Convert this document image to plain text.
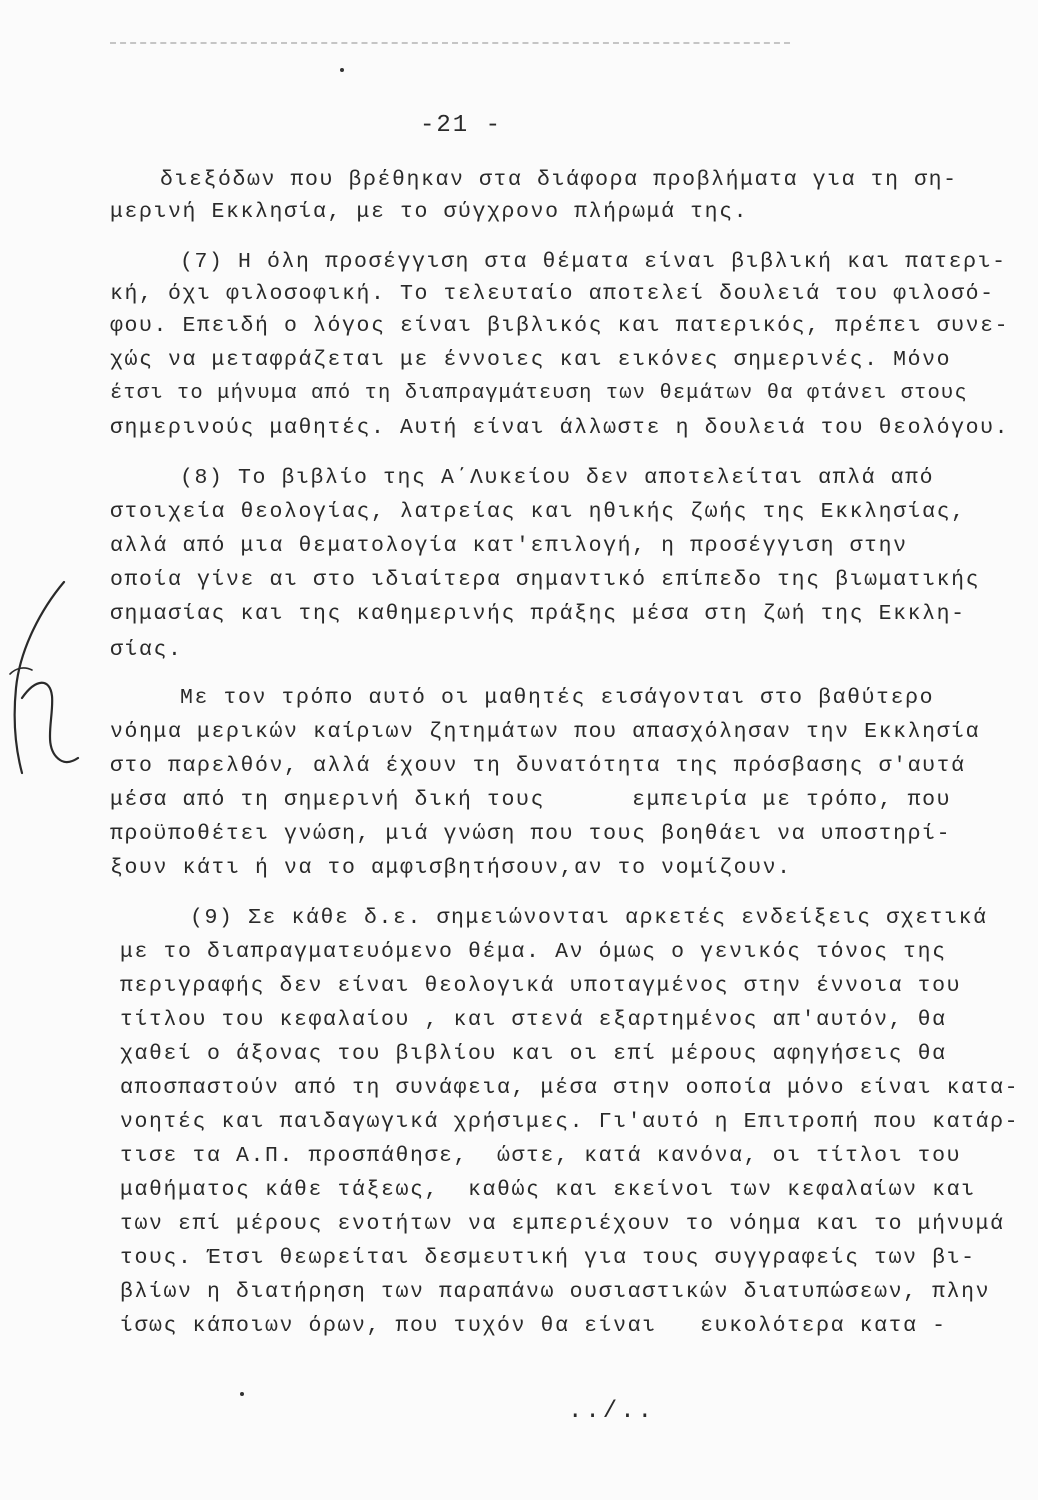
-21 -
διεξόδων που βρέθηκαν στα διάφορα προβλήματα για τη ση-
μερινή Εκκλησία, με το σύγχρονο πλήρωμά της.
(7) Η όλη προσέγγιση στα θέματα είναι βιβλική και πατερι-
κή, όχι φιλοσοφική. Το τελευταίο αποτελεί δουλειά του φιλοσό-
φου. Επειδή ο λόγος είναι βιβλικός και πατερικός, πρέπει συνε-
χώς να μεταφράζεται με έννοιες και εικόνες σημερινές. Μόνο
έτσι το μήνυμα από τη διαπραγμάτευση των θεμάτων θα φτάνει στους
σημερινούς μαθητές. Αυτή είναι άλλωστε η δουλειά του θεολόγου.
(8) Το βιβλίο της Α΄Λυκείου δεν αποτελείται απλά από
στοιχεία θεολογίας, λατρείας και ηθικής ζωής της Εκκλησίας,
αλλά από μια θεματολογία κατ'επιλογή, η προσέγγιση στην
οποία γίνε αι στο ιδιαίτερα σημαντικό επίπεδο της βιωματικής
σημασίας και της καθημερινής πράξης μέσα στη ζωή της Εκκλη-
σίας.
Με τον τρόπο αυτό οι μαθητές εισάγονται στο βαθύτερο
νόημα μερικών καίριων ζητημάτων που απασχόλησαν την Εκκλησία
στο παρελθόν, αλλά έχουν τη δυνατότητα της πρόσβασης σ'αυτά
μέσα από τη σημερινή δική τους      εμπειρία με τρόπο, που
προϋποθέτει γνώση, μιά γνώση που τους βοηθάει να υποστηρί-
ξουν κάτι ή να το αμφισβητήσουν,αν το νομίζουν.
(9) Σε κάθε δ.ε. σημειώνονται αρκετές ενδείξεις σχετικά
με το διαπραγματευόμενο θέμα. Αν όμως ο γενικός τόνος της
περιγραφής δεν είναι θεολογικά υποταγμένος στην έννοια του
τίτλου του κεφαλαίου , και στενά εξαρτημένος απ'αυτόν, θα
χαθεί ο άξονας του βιβλίου και οι επί μέρους αφηγήσεις θα
αποσπαστούν από τη συνάφεια, μέσα στην οοποία μόνο είναι κατα-
νοητές και παιδαγωγικά χρήσιμες. Γι'αυτό η Επιτροπή που κατάρ-
τισε τα Α.Π. προσπάθησε,  ώστε, κατά κανόνα, οι τίτλοι του
μαθήματος κάθε τάξεως,  καθώς και εκείνοι των κεφαλαίων και
των επί μέρους ενοτήτων να εμπεριέχουν το νόημα και το μήνυμά
τους. Έτσι θεωρείται δεσμευτική για τους συγγραφείς των βι-
βλίων η διατήρηση των παραπάνω ουσιαστικών διατυπώσεων, πλην
ίσως κάποιων όρων, που τυχόν θα είναι   ευκολότερα κατα -
../..
